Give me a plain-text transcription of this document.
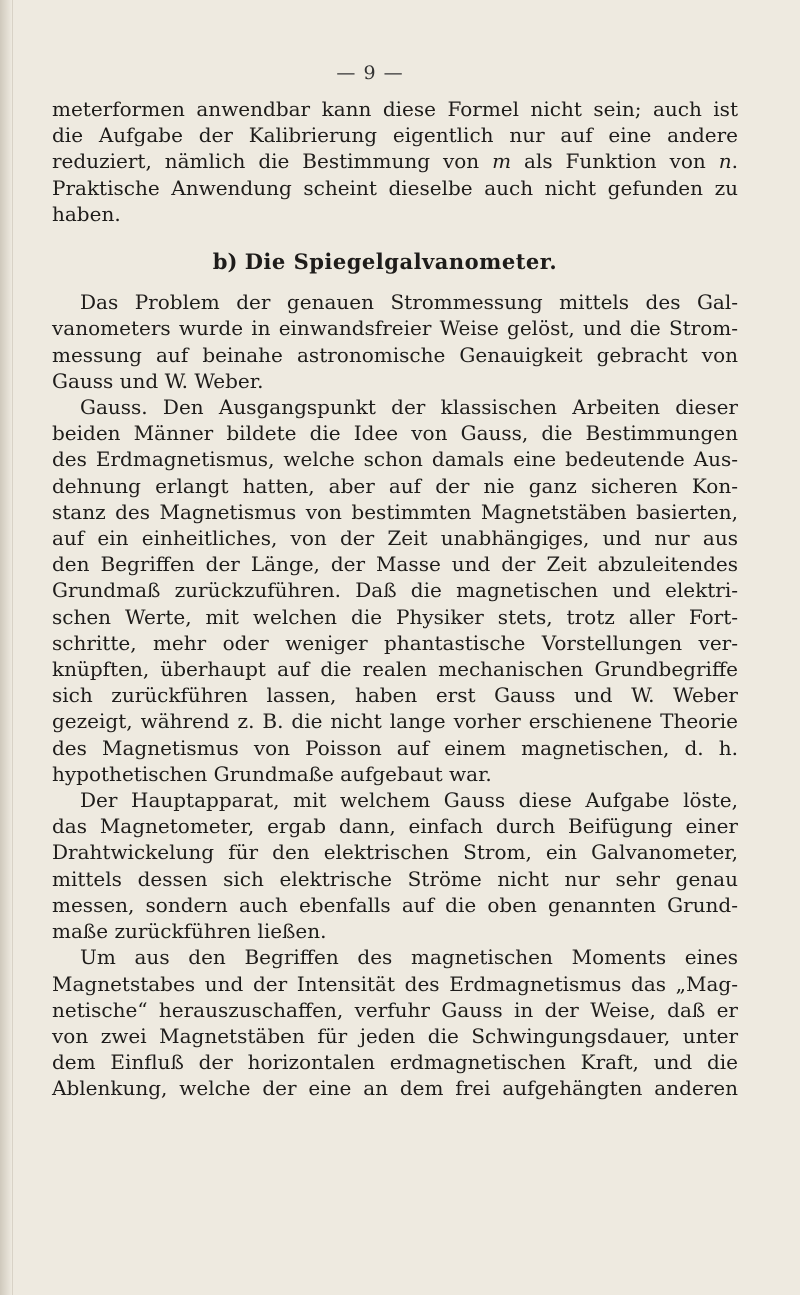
— 9 —
meterformen anwendbar kann diese Formel nicht sein; auch ist
die Aufgabe der Kalibrierung eigentlich nur auf eine andere
reduziert, nämlich die Bestimmung von m als Funktion von n.
Praktische Anwendung scheint dieselbe auch nicht gefunden zu
haben.
b) Die Spiegelgalvanometer.
Das Problem der genauen Strommessung mittels des Gal-
vanometers wurde in einwandsfreier Weise gelöst, und die Strom-
messung auf beinahe astronomische Genauigkeit gebracht von
Gauss und W. Weber.
Gauss. Den Ausgangspunkt der klassischen Arbeiten dieser
beiden Männer bildete die Idee von Gauss, die Bestimmungen
des Erdmagnetismus, welche schon damals eine bedeutende Aus-
dehnung erlangt hatten, aber auf der nie ganz sicheren Kon-
stanz des Magnetismus von bestimmten Magnetstäben basierten,
auf ein einheitliches, von der Zeit unabhängiges, und nur aus
den Begriffen der Länge, der Masse und der Zeit abzuleitendes
Grundmaß zurückzuführen. Daß die magnetischen und elektri-
schen Werte, mit welchen die Physiker stets, trotz aller Fort-
schritte, mehr oder weniger phantastische Vorstellungen ver-
knüpften, überhaupt auf die realen mechanischen Grundbegriffe
sich zurückführen lassen, haben erst Gauss und W. Weber
gezeigt, während z. B. die nicht lange vorher erschienene Theorie
des Magnetismus von Poisson auf einem magnetischen, d. h.
hypothetischen Grundmaße aufgebaut war.
Der Hauptapparat, mit welchem Gauss diese Aufgabe löste,
das Magnetometer, ergab dann, einfach durch Beifügung einer
Drahtwickelung für den elektrischen Strom, ein Galvanometer,
mittels dessen sich elektrische Ströme nicht nur sehr genau
messen, sondern auch ebenfalls auf die oben genannten Grund-
maße zurückführen ließen.
Um aus den Begriffen des magnetischen Moments eines
Magnetstabes und der Intensität des Erdmagnetismus das „Mag-
netische“ herauszuschaffen, verfuhr Gauss in der Weise, daß er
von zwei Magnetstäben für jeden die Schwingungsdauer, unter
dem Einfluß der horizontalen erdmagnetischen Kraft, und die
Ablenkung, welche der eine an dem frei aufgehängten anderen
